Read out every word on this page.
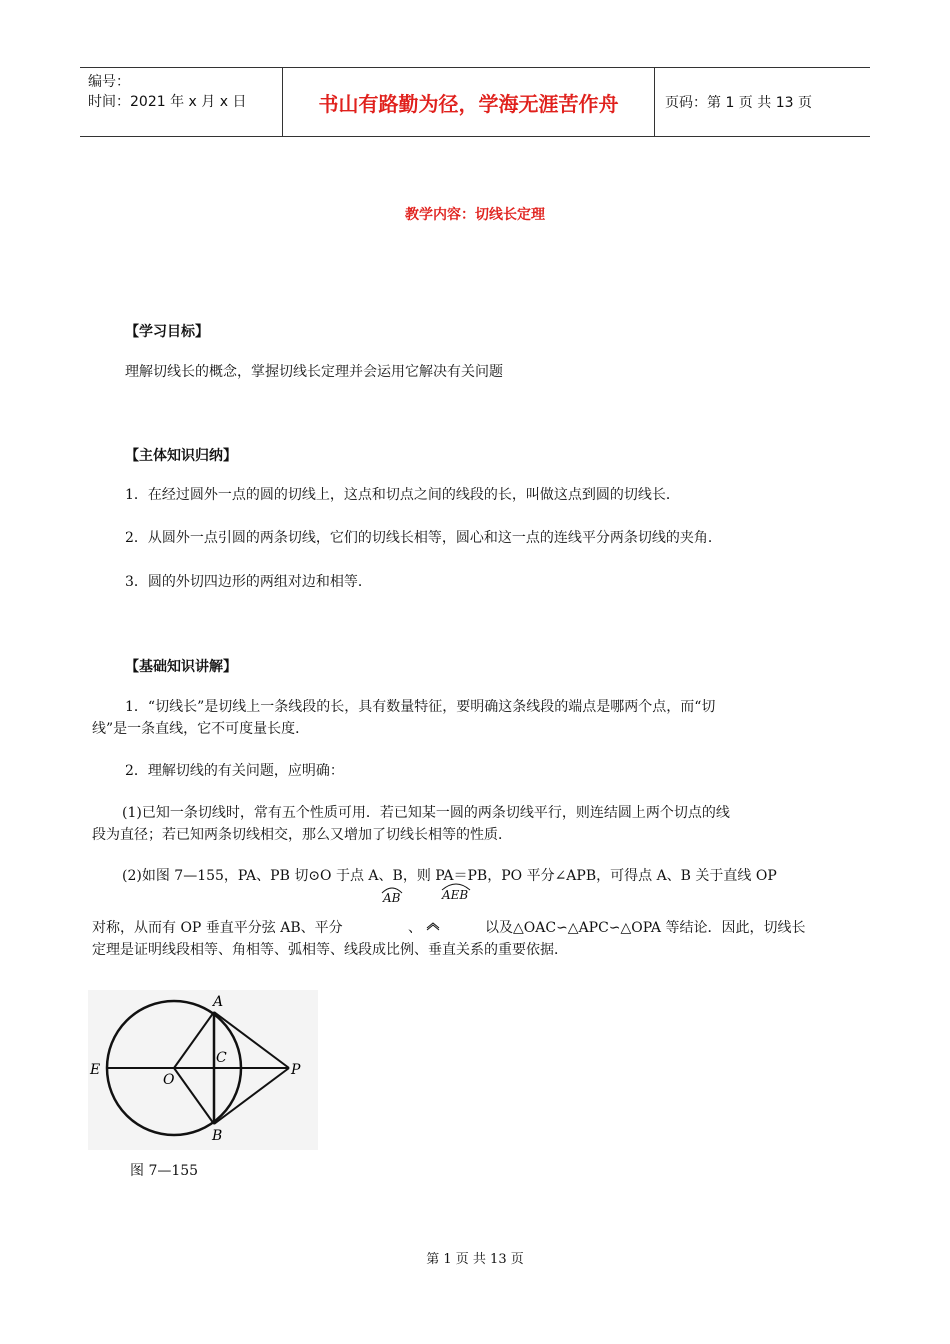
编号：
时间：2021 年 x 月 x 日	书山有路勤为径，学海无涯苦作舟	页码：第 1 页 共 13 页
教学内容：切线长定理
【学习目标】
理解切线长的概念，掌握切线长定理并会运用它解决有关问题
【主体知识归纳】
1．在经过圆外一点的圆的切线上，这点和切点之间的线段的长，叫做这点到圆的切线长．
2．从圆外一点引圆的两条切线，它们的切线长相等，圆心和这一点的连线平分两条切线的夹角．
3．圆的外切四边形的两组对边和相等．
【基础知识讲解】
1．“切线长”是切线上一条线段的长，具有数量特征，要明确这条线段的端点是哪两个点，而“切
线”是一条直线，它不可度量长度．
2．理解切线的有关问题，应明确：
(1)已知一条切线时，常有五个性质可用．若已知某一圆的两条切线平行，则连结圆上两个切点的线
段为直径；若已知两条切线相交，那么又增加了切线长相等的性质．
(2)如图 7—155，PA、PB 切⊙O 于点 A、B，则 PA＝PB，PO 平分∠APB，可得点 A、B 关于直线 OP
AB	AEB
对称，从而有 OP 垂直平分弦 AB、平分	、	以及△OAC∽△APC∽△OPA 等结论．因此，切线长
定理是证明线段相等、角相等、弧相等、线段成比例、垂直关系的重要依据．
A
B
C
E
O
P
图 7—155
第 1 页 共 13 页
